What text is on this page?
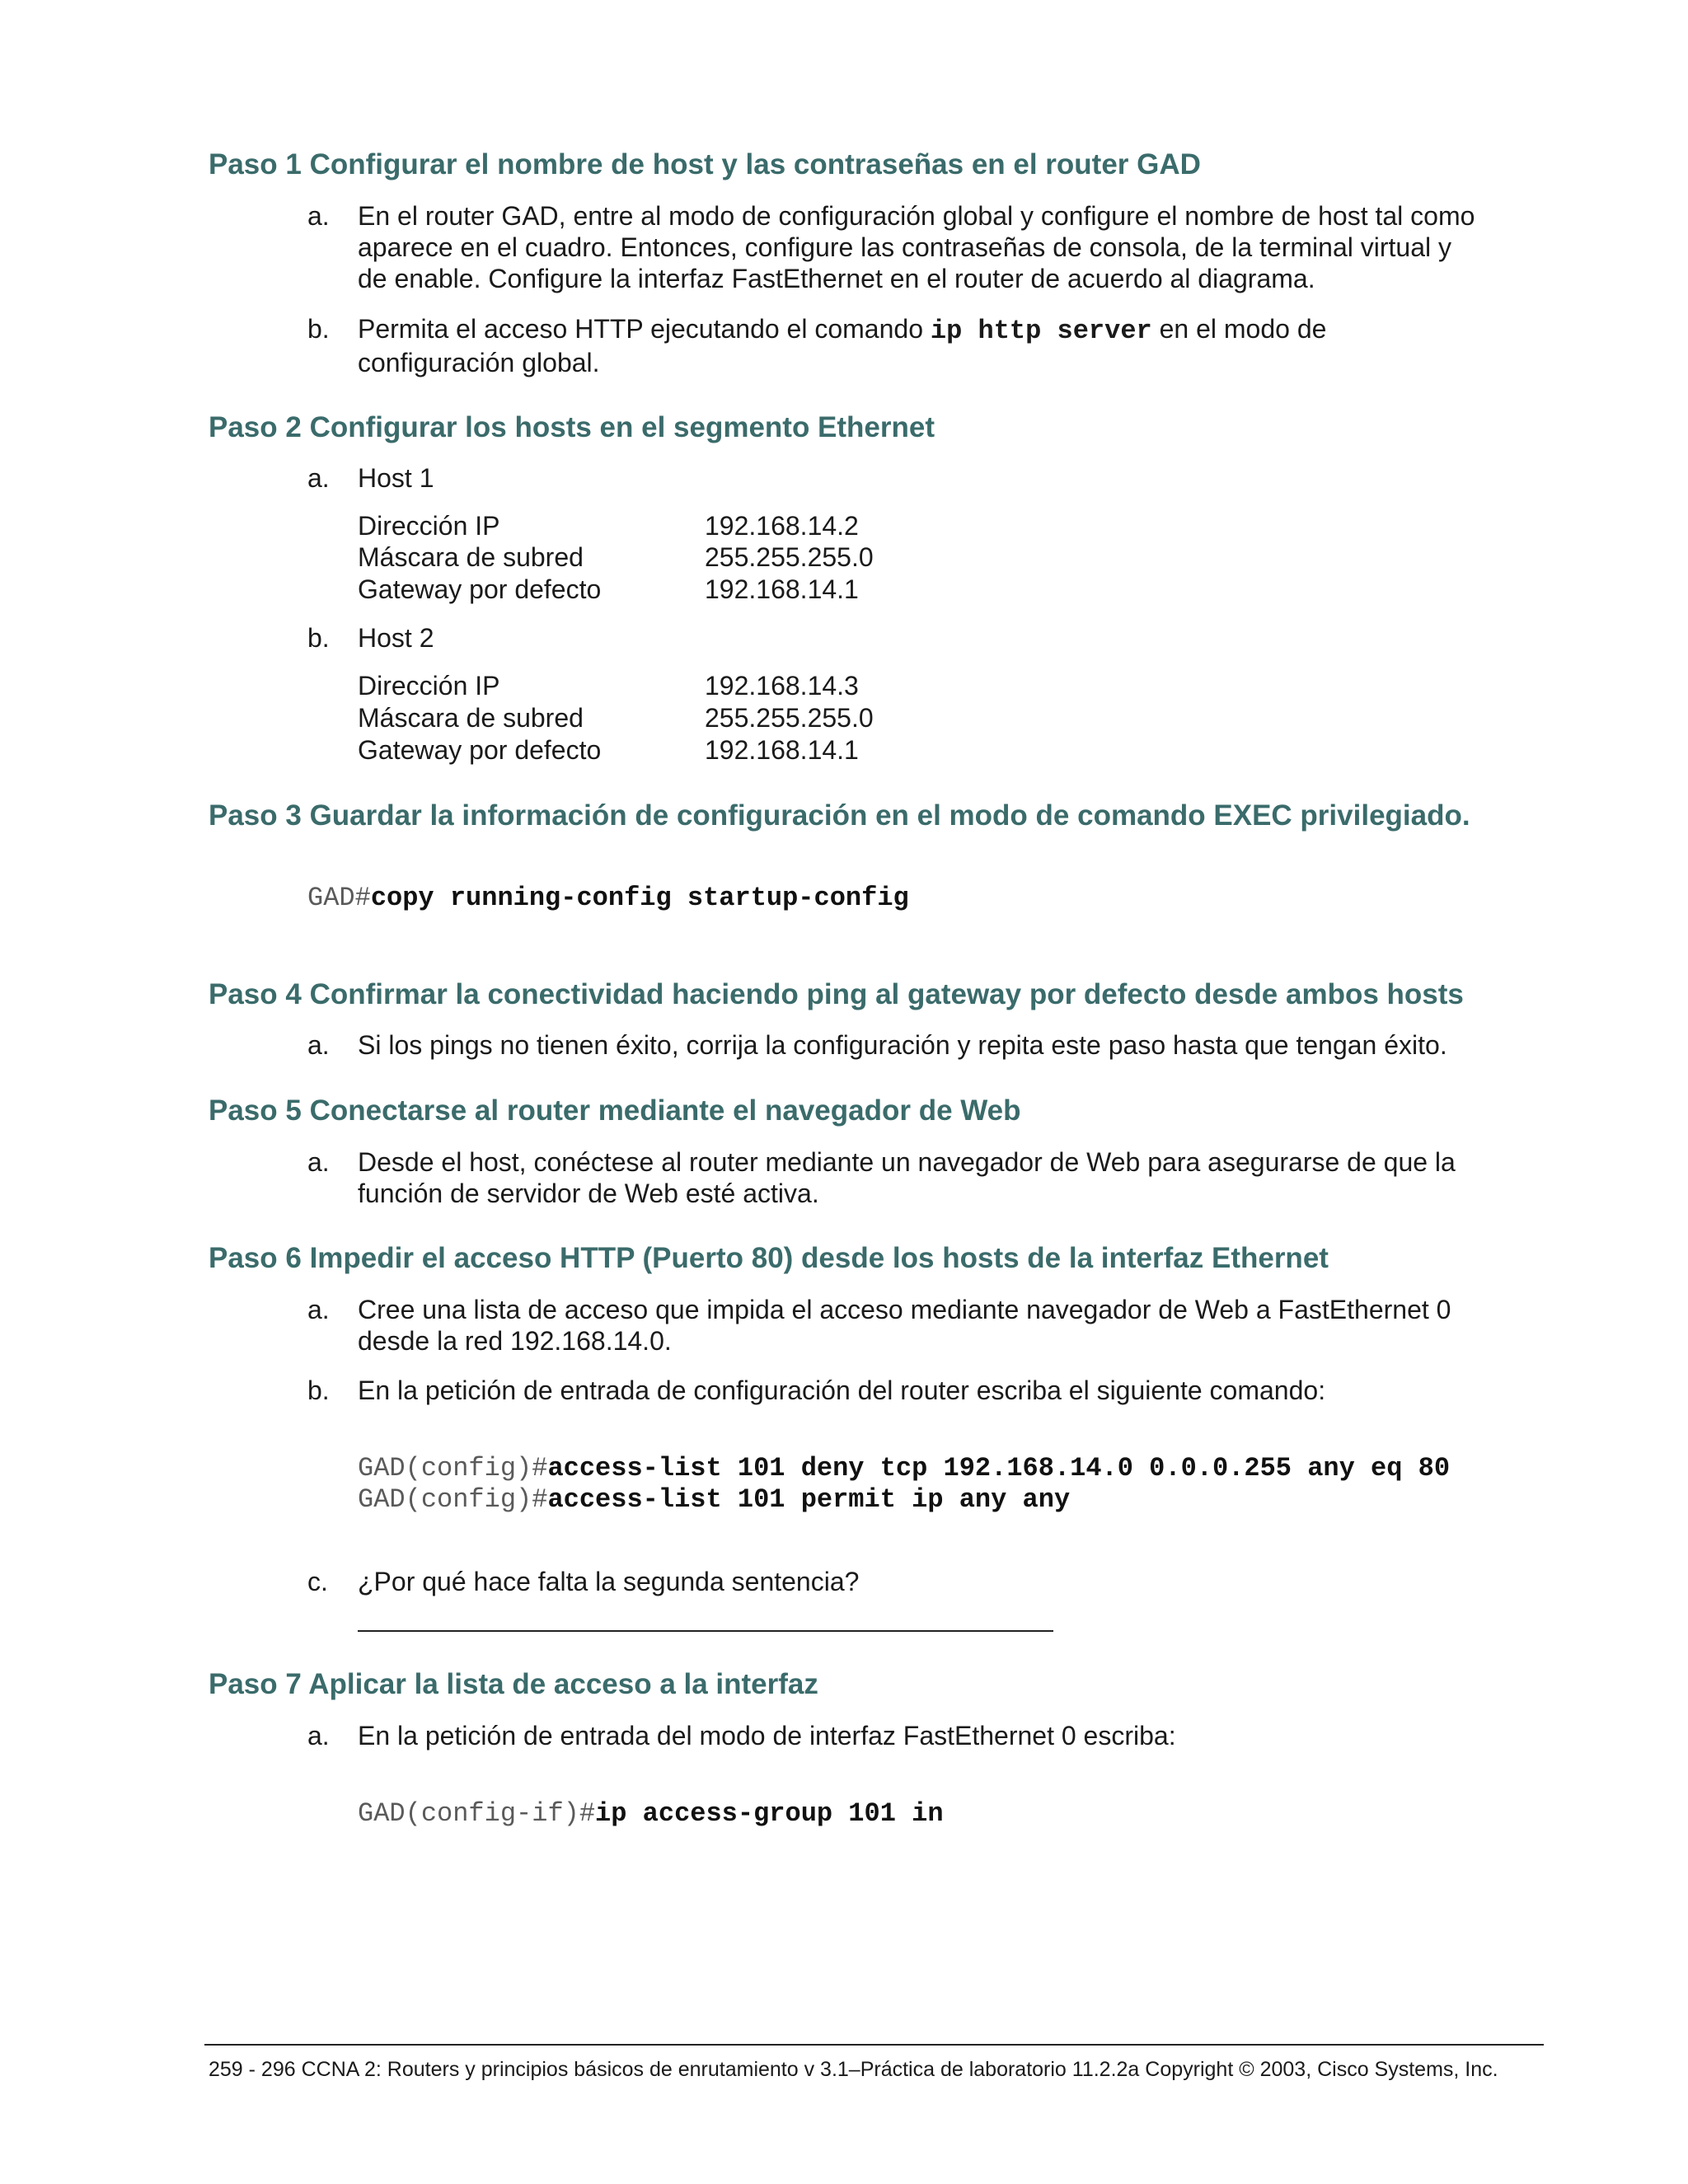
Paso 1 Configurar el nombre de host y las contraseñas en el router GAD
a. En el router GAD, entre al modo de configuración global y configure el nombre de host tal como
aparece en el cuadro. Entonces, configure las contraseñas de consola, de la terminal virtual y
de enable. Configure la interfaz FastEthernet en el router de acuerdo al diagrama.
b. Permita el acceso HTTP ejecutando el comando ip http server en el modo de
configuración global.
Paso 2 Configurar los hosts en el segmento Ethernet
a. Host 1
Dirección IP	192.168.14.2
Máscara de subred	255.255.255.0
Gateway por defecto	192.168.14.1
b. Host 2
Dirección IP	192.168.14.3
Máscara de subred	255.255.255.0
Gateway por defecto	192.168.14.1
Paso 3 Guardar la información de configuración en el modo de comando EXEC privilegiado.
GAD#copy running-config startup-config
Paso 4 Confirmar la conectividad haciendo ping al gateway por defecto desde ambos hosts
a. Si los pings no tienen éxito, corrija la configuración y repita este paso hasta que tengan éxito.
Paso 5 Conectarse al router mediante el navegador de Web
a. Desde el host, conéctese al router mediante un navegador de Web para asegurarse de que la
función de servidor de Web esté activa.
Paso 6 Impedir el acceso HTTP (Puerto 80) desde los hosts de la interfaz Ethernet
a. Cree una lista de acceso que impida el acceso mediante navegador de Web a FastEthernet 0
desde la red 192.168.14.0.
b. En la petición de entrada de configuración del router escriba el siguiente comando:
GAD(config)#access-list 101 deny tcp 192.168.14.0 0.0.0.255 any eq 80
GAD(config)#access-list 101 permit ip any any
c. ¿Por qué hace falta la segunda sentencia?
Paso 7 Aplicar la lista de acceso a la interfaz
a. En la petición de entrada del modo de interfaz FastEthernet 0 escriba:
GAD(config-if)#ip access-group 101 in
259 - 296 CCNA 2: Routers y principios básicos de enrutamiento v 3.1–Práctica de laboratorio 11.2.2a Copyright © 2003, Cisco Systems, Inc.
